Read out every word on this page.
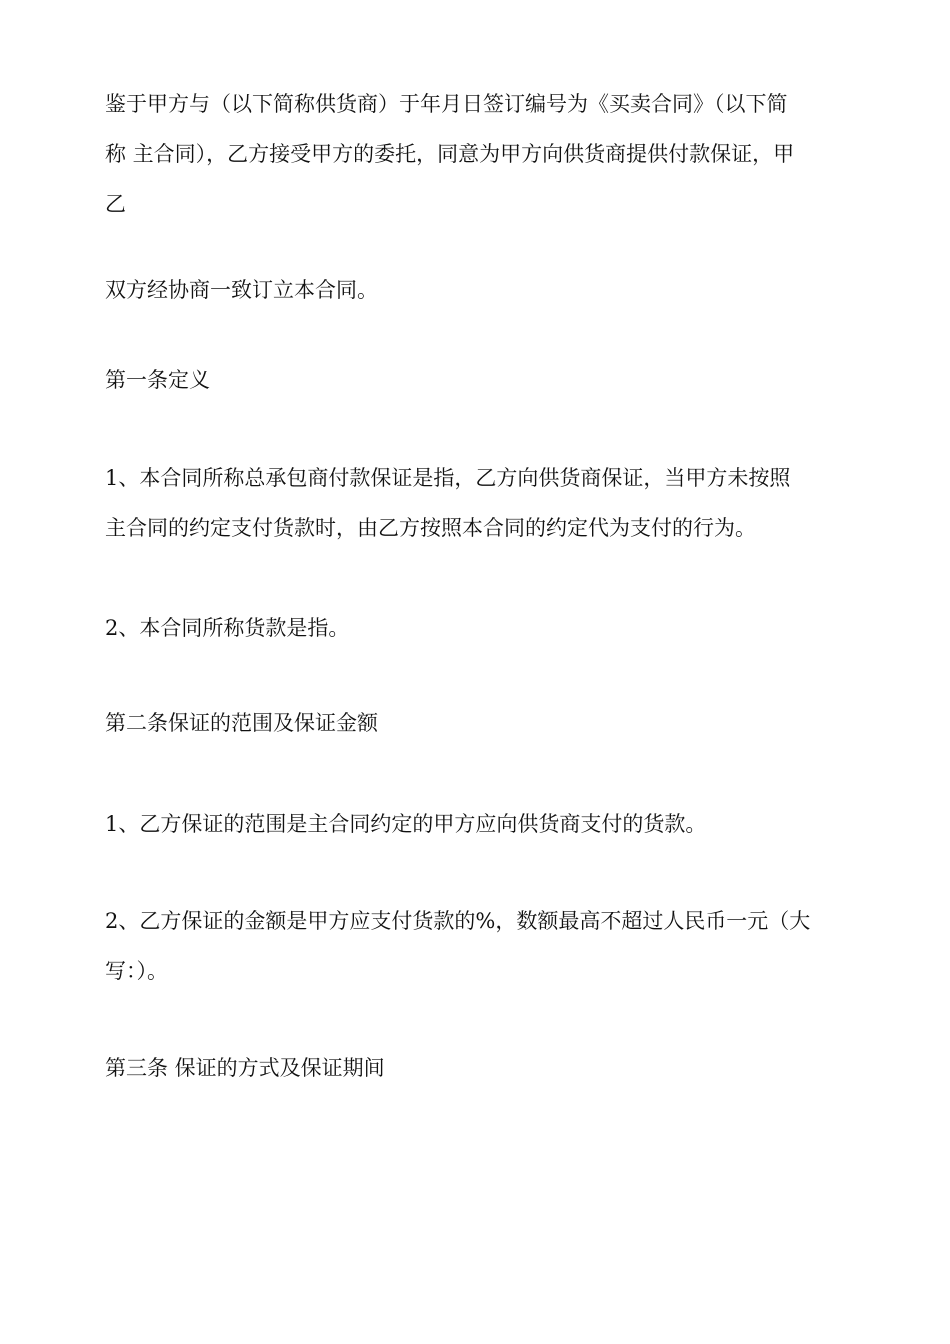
鉴于甲方与（以下简称供货商）于年月日签订编号为《买卖合同》（以下简
称 主合同），乙方接受甲方的委托，同意为甲方向供货商提供付款保证，甲
乙
双方经协商一致订立本合同。
第一条定义
1、本合同所称总承包商付款保证是指，乙方向供货商保证，当甲方未按照
主合同的约定支付货款时，由乙方按照本合同的约定代为支付的行为。
2、本合同所称货款是指。
第二条保证的范围及保证金额
1、乙方保证的范围是主合同约定的甲方应向供货商支付的货款。
2、乙方保证的金额是甲方应支付货款的%，数额最高不超过人民币一元（大
写：）。
第三条 保证的方式及保证期间
